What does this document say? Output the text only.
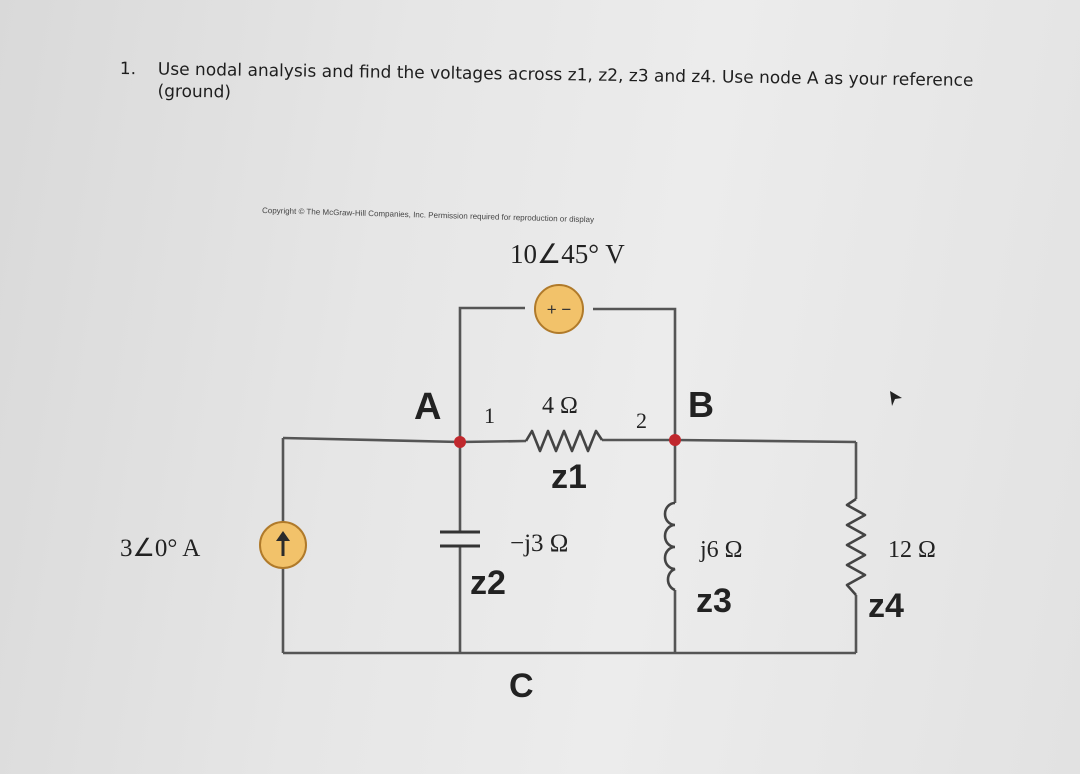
1. Use nodal analysis and find the voltages across z1, z2, z3 and z4. Use node A as your reference (ground)
Copyright © The McGraw-Hill Companies, Inc. Permission required for reproduction or display
+ −
10∠45° V
3∠0° A
A 1	2 B
C
4 Ω
z1
−j3 Ω
z2
j6 Ω
z3
12 Ω
z4
